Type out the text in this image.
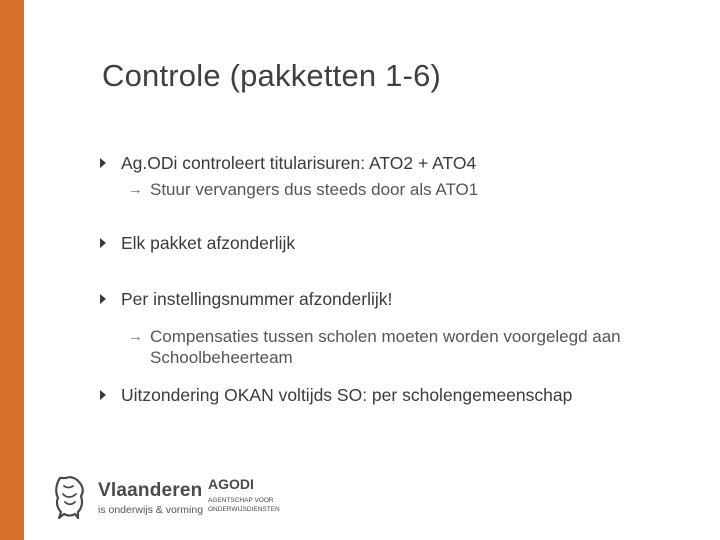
Controle (pakketten 1-6)
Ag.ODi controleert titularisuren: ATO2 + ATO4
→ Stuur vervangers dus steeds door als ATO1
Elk pakket afzonderlijk
Per instellingsnummer afzonderlijk!
→ Compensaties tussen scholen moeten worden voorgelegd aan Schoolbeheerteam
Uitzondering OKAN voltijds SO: per scholengemeenschap
Vlaanderen
is onderwijs & vorming
AGODI
AGENTSCHAP VOOR ONDERWIJSDIENSTEN
